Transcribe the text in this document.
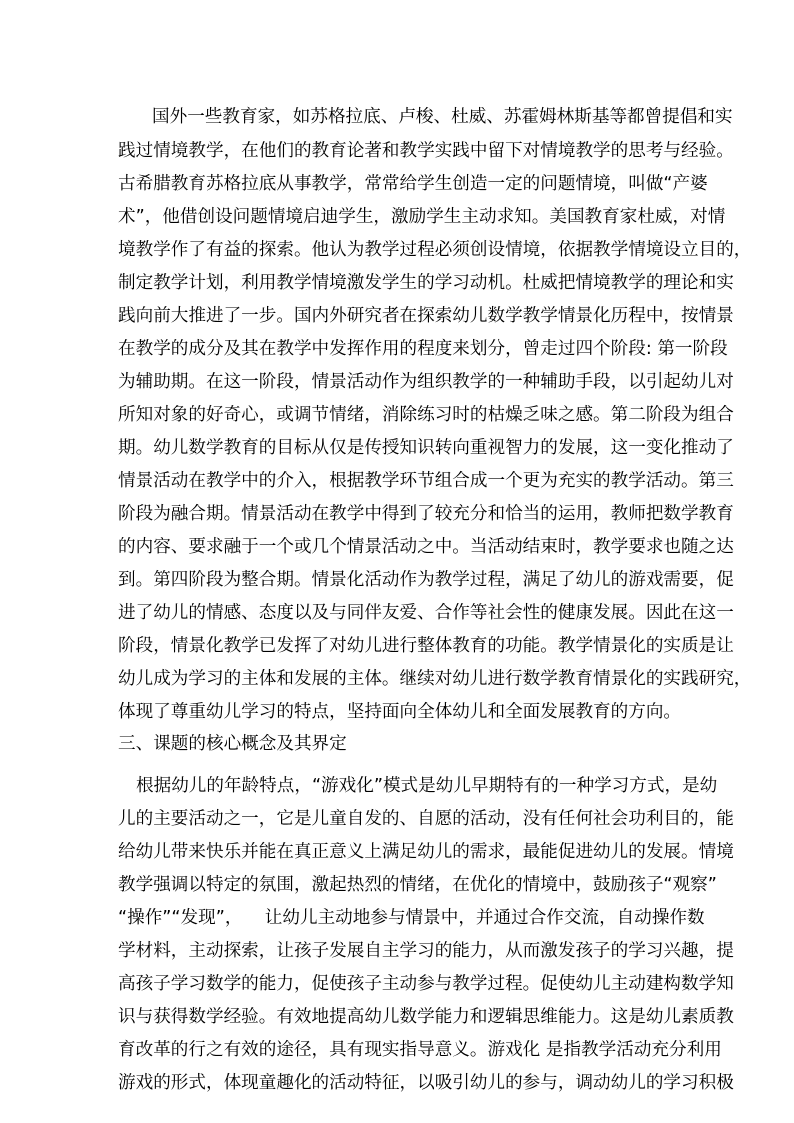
国外一些教育家，如苏格拉底、卢梭、杜威、苏霍姆林斯基等都曾提倡和实
践过情境教学，在他们的教育论著和教学实践中留下对情境教学的思考与经验。
古希腊教育苏格拉底从事教学，常常给学生创造一定的问题情境，叫做“产婆
术”，他借创设问题情境启迪学生，激励学生主动求知。美国教育家杜威，对情
境教学作了有益的探索。他认为教学过程必须创设情境，依据教学情境设立目的，
制定教学计划，利用教学情境激发学生的学习动机。杜威把情境教学的理论和实
践向前大推进了一步。国内外研究者在探索幼儿数学教学情景化历程中，按情景
在教学的成分及其在教学中发挥作用的程度来划分，曾走过四个阶段: 第一阶段
为辅助期。在这一阶段，情景活动作为组织教学的一种辅助手段，以引起幼儿对
所知对象的好奇心，或调节情绪，消除练习时的枯燥乏味之感。第二阶段为组合
期。幼儿数学教育的目标从仅是传授知识转向重视智力的发展，这一变化推动了
情景活动在教学中的介入，根据教学环节组合成一个更为充实的教学活动。第三
阶段为融合期。情景活动在教学中得到了较充分和恰当的运用，教师把数学教育
的内容、要求融于一个或几个情景活动之中。当活动结束时，教学要求也随之达
到。第四阶段为整合期。情景化活动作为教学过程，满足了幼儿的游戏需要，促
进了幼儿的情感、态度以及与同伴友爱、合作等社会性的健康发展。因此在这一
阶段，情景化教学已发挥了对幼儿进行整体教育的功能。教学情景化的实质是让
幼儿成为学习的主体和发展的主体。继续对幼儿进行数学教育情景化的实践研究，
体现了尊重幼儿学习的特点，坚持面向全体幼儿和全面发展教育的方向。
三、课题的核心概念及其界定
根据幼儿的年龄特点，“游戏化”模式是幼儿早期特有的一种学习方式，是幼
儿的主要活动之一，它是儿童自发的、自愿的活动，没有任何社会功利目的，能
给幼儿带来快乐并能在真正意义上满足幼儿的需求，最能促进幼儿的发展。情境
教学强调以特定的氛围，激起热烈的情绪，在优化的情境中，鼓励孩子“观察”
“操作”“发现”，    让幼儿主动地参与情景中，并通过合作交流，自动操作数
学材料，主动探索，让孩子发展自主学习的能力，从而激发孩子的学习兴趣，提
高孩子学习数学的能力，促使孩子主动参与教学过程。促使幼儿主动建构数学知
识与获得数学经验。有效地提高幼儿数学能力和逻辑思维能力。这是幼儿素质教
育改革的行之有效的途径，具有现实指导意义。游戏化 是指教学活动充分利用
游戏的形式，体现童趣化的活动特征，以吸引幼儿的参与，调动幼儿的学习积极
